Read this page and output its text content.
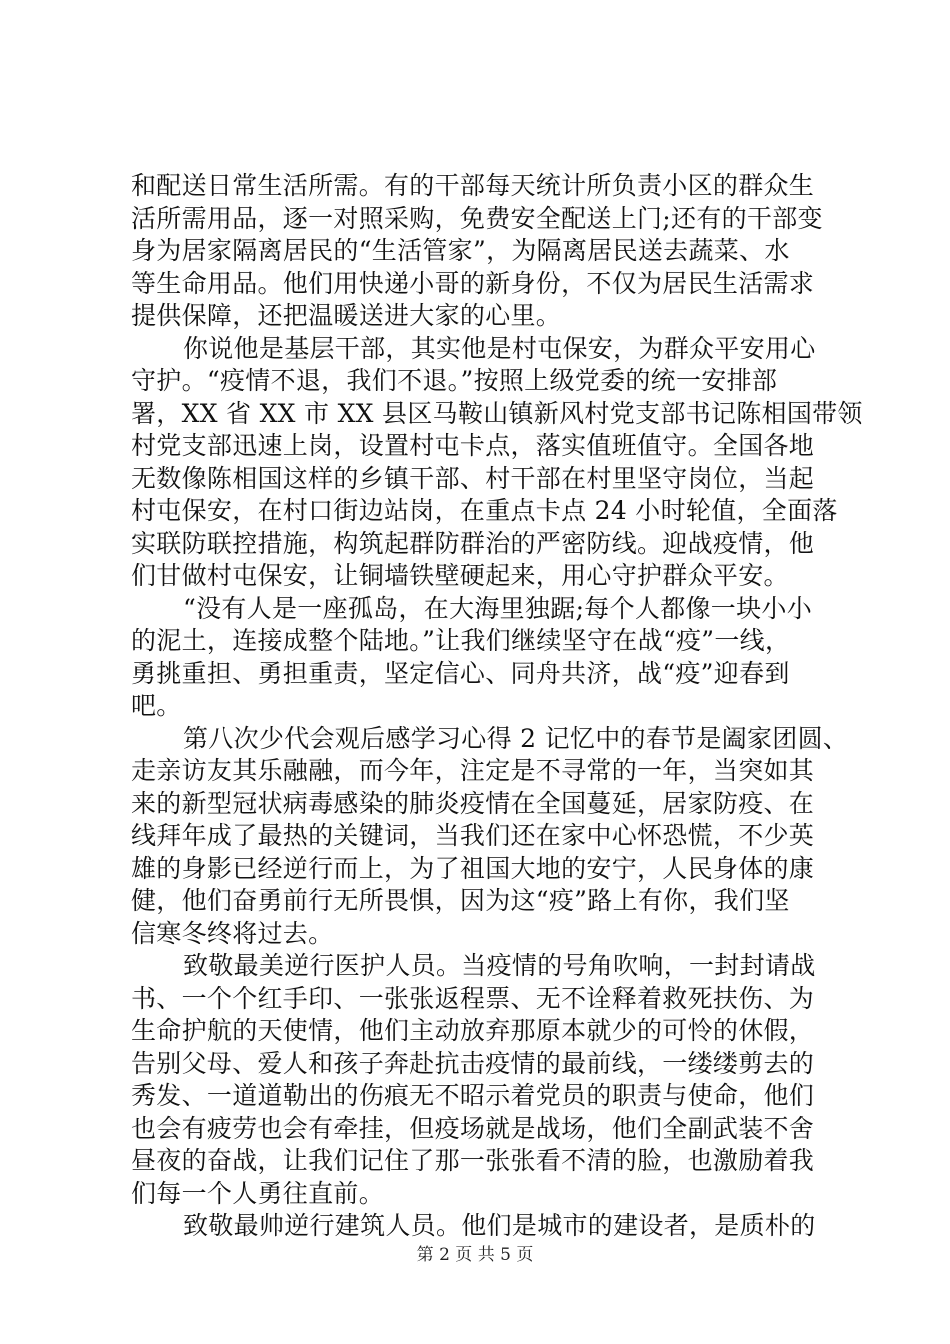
和配送日常生活所需。有的干部每天统计所负责小区的群众生
活所需用品，逐一对照采购，免费安全配送上门;还有的干部变
身为居家隔离居民的“生活管家”，为隔离居民送去蔬菜、水
等生命用品。他们用快递小哥的新身份，不仅为居民生活需求
提供保障，还把温暖送进大家的心里。
你说他是基层干部，其实他是村屯保安，为群众平安用心
守护。“疫情不退，我们不退。”按照上级党委的统一安排部
署，XX 省 XX 市 XX 县区马鞍山镇新风村党支部书记陈相国带领
村党支部迅速上岗，设置村屯卡点，落实值班值守。全国各地
无数像陈相国这样的乡镇干部、村干部在村里坚守岗位，当起
村屯保安，在村口街边站岗，在重点卡点 24 小时轮值，全面落
实联防联控措施，构筑起群防群治的严密防线。迎战疫情，他
们甘做村屯保安，让铜墙铁壁硬起来，用心守护群众平安。
“没有人是一座孤岛，在大海里独踞;每个人都像一块小小
的泥土，连接成整个陆地。”让我们继续坚守在战“疫”一线，
勇挑重担、勇担重责，坚定信心、同舟共济，战“疫”迎春到
吧。
第八次少代会观后感学习心得 2 记忆中的春节是阖家团圆、
走亲访友其乐融融，而今年，注定是不寻常的一年，当突如其
来的新型冠状病毒感染的肺炎疫情在全国蔓延，居家防疫、在
线拜年成了最热的关键词，当我们还在家中心怀恐慌，不少英
雄的身影已经逆行而上，为了祖国大地的安宁，人民身体的康
健，他们奋勇前行无所畏惧，因为这“疫”路上有你，我们坚
信寒冬终将过去。
致敬最美逆行医护人员。当疫情的号角吹响，一封封请战
书、一个个红手印、一张张返程票、无不诠释着救死扶伤、为
生命护航的天使情，他们主动放弃那原本就少的可怜的休假，
告别父母、爱人和孩子奔赴抗击疫情的最前线，一缕缕剪去的
秀发、一道道勒出的伤痕无不昭示着党员的职责与使命，他们
也会有疲劳也会有牵挂，但疫场就是战场，他们全副武装不舍
昼夜的奋战，让我们记住了那一张张看不清的脸，也激励着我
们每一个人勇往直前。
致敬最帅逆行建筑人员。他们是城市的建设者，是质朴的
第 2 页 共 5 页
